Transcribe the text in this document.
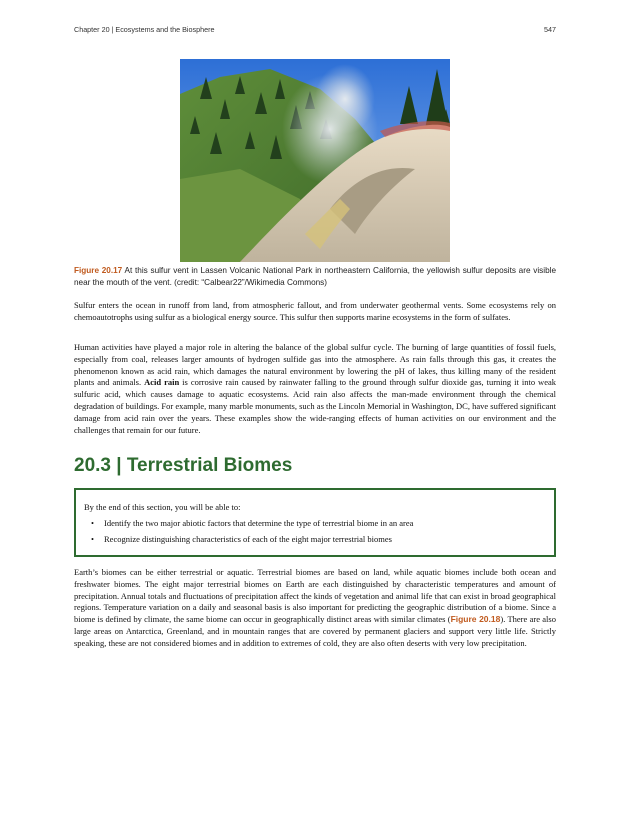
Chapter 20 | Ecosystems and the Biosphere	547
Figure 20.17 At this sulfur vent in Lassen Volcanic National Park in northeastern California, the yellowish sulfur deposits are visible near the mouth of the vent. (credit: “Calbear22”/Wikimedia Commons)

Sulfur enters the ocean in runoff from land, from atmospheric fallout, and from underwater geothermal vents. Some ecosystems rely on chemoautotrophs using sulfur as a biological energy source. This sulfur then supports marine ecosystems in the form of sulfates.

Human activities have played a major role in altering the balance of the global sulfur cycle. The burning of large quantities of fossil fuels, especially from coal, releases larger amounts of hydrogen sulfide gas into the atmosphere. As rain falls through this gas, it creates the phenomenon known as acid rain, which damages the natural environment by lowering the pH of lakes, thus killing many of the resident plants and animals. Acid rain is corrosive rain caused by rainwater falling to the ground through sulfur dioxide gas, turning it into weak sulfuric acid, which causes damage to aquatic ecosystems. Acid rain also affects the man-made environment through the chemical degradation of buildings. For example, many marble monuments, such as the Lincoln Memorial in Washington, DC, have suffered significant damage from acid rain over the years. These examples show the wide-ranging effects of human activities on our environment and the challenges that remain for our future.

20.3 | Terrestrial Biomes
By the end of this section, you will be able to:
• Identify the two major abiotic factors that determine the type of terrestrial biome in an area
• Recognize distinguishing characteristics of each of the eight major terrestrial biomes

Earth’s biomes can be either terrestrial or aquatic. Terrestrial biomes are based on land, while aquatic biomes include both ocean and freshwater biomes. The eight major terrestrial biomes on Earth are each distinguished by characteristic temperatures and amount of precipitation. Annual totals and fluctuations of precipitation affect the kinds of vegetation and animal life that can exist in broad geographical regions. Temperature variation on a daily and seasonal basis is also important for predicting the geographic distribution of a biome. Since a biome is defined by climate, the same biome can occur in geographically distinct areas with similar climates (Figure 20.18). There are also large areas on Antarctica, Greenland, and in mountain ranges that are covered by permanent glaciers and support very little life. Strictly speaking, these are not considered biomes and in addition to extremes of cold, they are also often deserts with very low precipitation.
